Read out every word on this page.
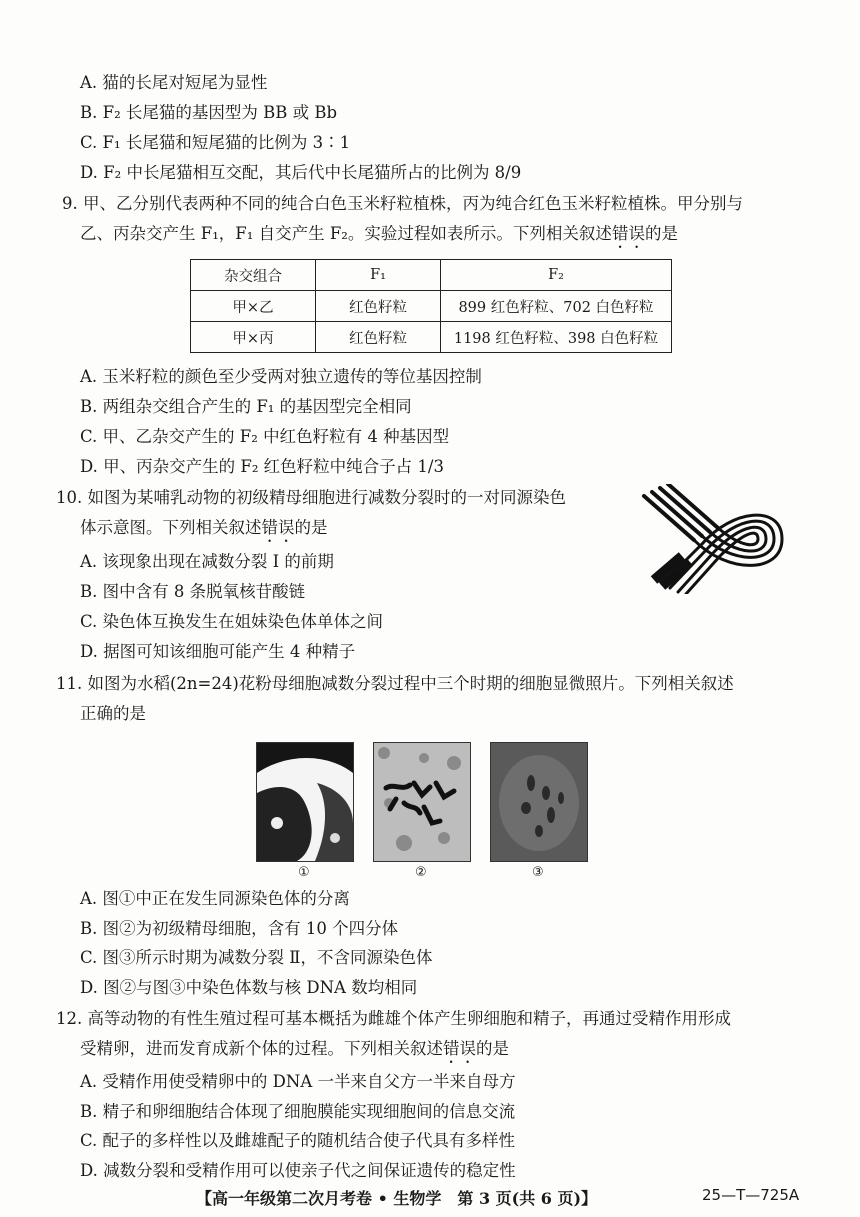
A. 猫的长尾对短尾为显性
B. F₂ 长尾猫的基因型为 BB 或 Bb
C. F₁ 长尾猫和短尾猫的比例为 3∶1
D. F₂ 中长尾猫相互交配，其后代中长尾猫所占的比例为 8/9
9. 甲、乙分别代表两种不同的纯合白色玉米籽粒植株，丙为纯合红色玉米籽粒植株。甲分别与
乙、丙杂交产生 F₁，F₁ 自交产生 F₂。实验过程如表所示。下列相关叙述错误的是
杂交组合	F₁	F₂
甲×乙	红色籽粒	899 红色籽粒、702 白色籽粒
甲×丙	红色籽粒	1198 红色籽粒、398 白色籽粒
A. 玉米籽粒的颜色至少受两对独立遗传的等位基因控制
B. 两组杂交组合产生的 F₁ 的基因型完全相同
C. 甲、乙杂交产生的 F₂ 中红色籽粒有 4 种基因型
D. 甲、丙杂交产生的 F₂ 红色籽粒中纯合子占 1/3
10. 如图为某哺乳动物的初级精母细胞进行减数分裂时的一对同源染色
体示意图。下列相关叙述错误的是
A. 该现象出现在减数分裂 Ⅰ 的前期
B. 图中含有 8 条脱氧核苷酸链
C. 染色体互换发生在姐妹染色体单体之间
D. 据图可知该细胞可能产生 4 种精子
11. 如图为水稻(2n=24)花粉母细胞减数分裂过程中三个时期的细胞显微照片。下列相关叙述
正确的是
①	②	③
A. 图①中正在发生同源染色体的分离
B. 图②为初级精母细胞，含有 10 个四分体
C. 图③所示时期为减数分裂 Ⅱ，不含同源染色体
D. 图②与图③中染色体数与核 DNA 数均相同
12. 高等动物的有性生殖过程可基本概括为雌雄个体产生卵细胞和精子，再通过受精作用形成
受精卵，进而发育成新个体的过程。下列相关叙述错误的是
A. 受精作用使受精卵中的 DNA 一半来自父方一半来自母方
B. 精子和卵细胞结合体现了细胞膜能实现细胞间的信息交流
C. 配子的多样性以及雌雄配子的随机结合使子代具有多样性
D. 减数分裂和受精作用可以使亲子代之间保证遗传的稳定性
【高一年级第二次月考卷 • 生物学　第 3 页(共 6 页)】	25—T—725A
